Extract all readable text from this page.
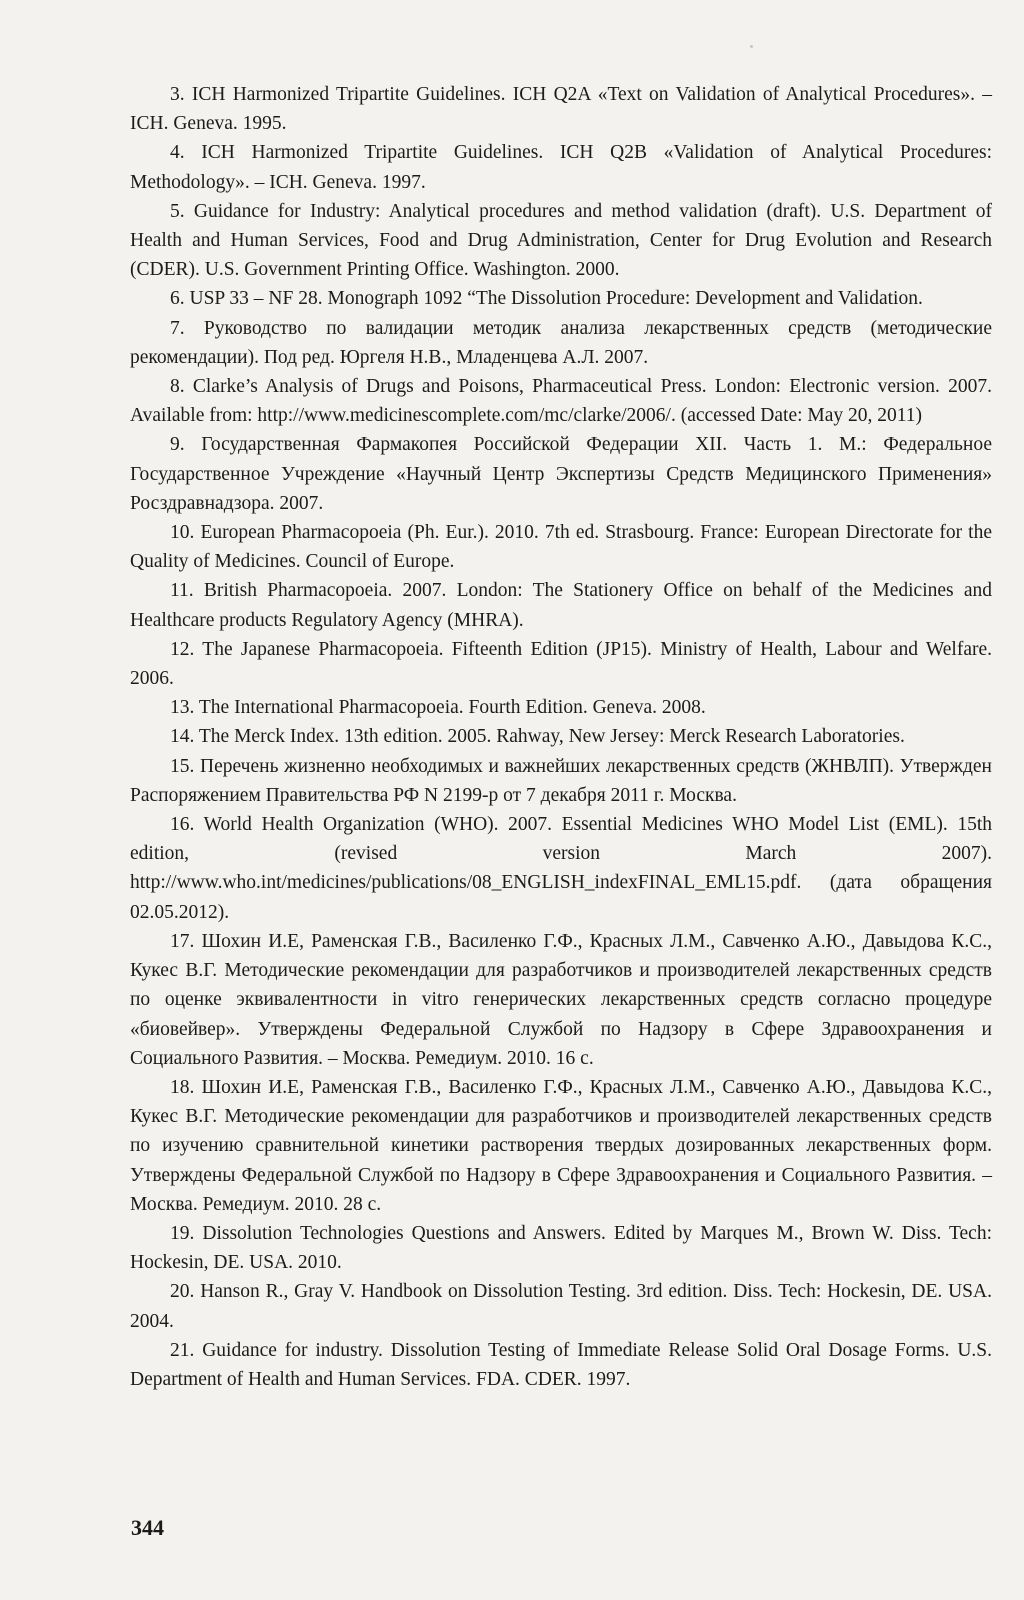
3. ICH Harmonized Tripartite Guidelines. ICH Q2A «Text on Validation of Analytical Procedures». – ICH. Geneva. 1995.

4. ICH Harmonized Tripartite Guidelines. ICH Q2B «Validation of Analytical Procedures: Methodology». – ICH. Geneva. 1997.

5. Guidance for Industry: Analytical procedures and method validation (draft). U.S. Department of Health and Human Services, Food and Drug Administration, Center for Drug Evolution and Research (CDER). U.S. Government Printing Office. Washington. 2000.

6. USP 33 – NF 28. Monograph 1092 “The Dissolution Procedure: Development and Validation.

7. Руководство по валидации методик анализа лекарственных средств (методические рекомендации). Под ред. Юргеля Н.В., Младенцева А.Л. 2007.

8. Clarke’s Analysis of Drugs and Poisons, Pharmaceutical Press. London: Electronic version. 2007. Available from: http://www.medicinescomplete.com/mc/clarke/2006/. (accessed Date: May 20, 2011)

9. Государственная Фармакопея Российской Федерации XII. Часть 1. М.: Федеральное Государственное Учреждение «Научный Центр Экспертизы Средств Медицинского Применения» Росздравнадзора. 2007.

10. European Pharmacopoeia (Ph. Eur.). 2010. 7th ed. Strasbourg. France: European Directorate for the Quality of Medicines. Council of Europe.

11. British Pharmacopoeia. 2007. London: The Stationery Office on behalf of the Medicines and Healthcare products Regulatory Agency (MHRA).

12. The Japanese Pharmacopoeia. Fifteenth Edition (JP15). Ministry of Health, Labour and Welfare. 2006.

13. The International Pharmacopoeia. Fourth Edition. Geneva. 2008.

14. The Merck Index. 13th edition. 2005. Rahway, New Jersey: Merck Research Laboratories.

15. Перечень жизненно необходимых и важнейших лекарственных средств (ЖНВЛП). Утвержден Распоряжением Правительства РФ N 2199-р от 7 декабря 2011 г. Москва.

16. World Health Organization (WHO). 2007. Essential Medicines WHO Model List (EML). 15th edition, (revised version March 2007). http://www.who.int/medicines/publications/08_ENGLISH_indexFINAL_EML15.pdf. (дата обращения 02.05.2012).

17. Шохин И.Е, Раменская Г.В., Василенко Г.Ф., Красных Л.М., Савченко А.Ю., Давыдова К.С., Кукес В.Г. Методические рекомендации для разработчиков и производителей лекарственных средств по оценке эквивалентности in vitro генерических лекарственных средств согласно процедуре «биовейвер». Утверждены Федеральной Службой по Надзору в Сфере Здравоохранения и Социального Развития. – Москва. Ремедиум. 2010. 16 с.

18. Шохин И.Е, Раменская Г.В., Василенко Г.Ф., Красных Л.М., Савченко А.Ю., Давыдова К.С., Кукес В.Г. Методические рекомендации для разработчиков и производителей лекарственных средств по изучению сравнительной кинетики растворения твердых дозированных лекарственных форм. Утверждены Федеральной Службой по Надзору в Сфере Здравоохранения и Социального Развития. – Москва. Ремедиум. 2010. 28 с.

19. Dissolution Technologies Questions and Answers. Edited by Marques M., Brown W. Diss. Tech: Hockesin, DE. USA. 2010.

20. Hanson R., Gray V. Handbook on Dissolution Testing. 3rd edition. Diss. Tech: Hockesin, DE. USA. 2004.

21. Guidance for industry. Dissolution Testing of Immediate Release Solid Oral Dosage Forms. U.S. Department of Health and Human Services. FDA. CDER. 1997.

344
